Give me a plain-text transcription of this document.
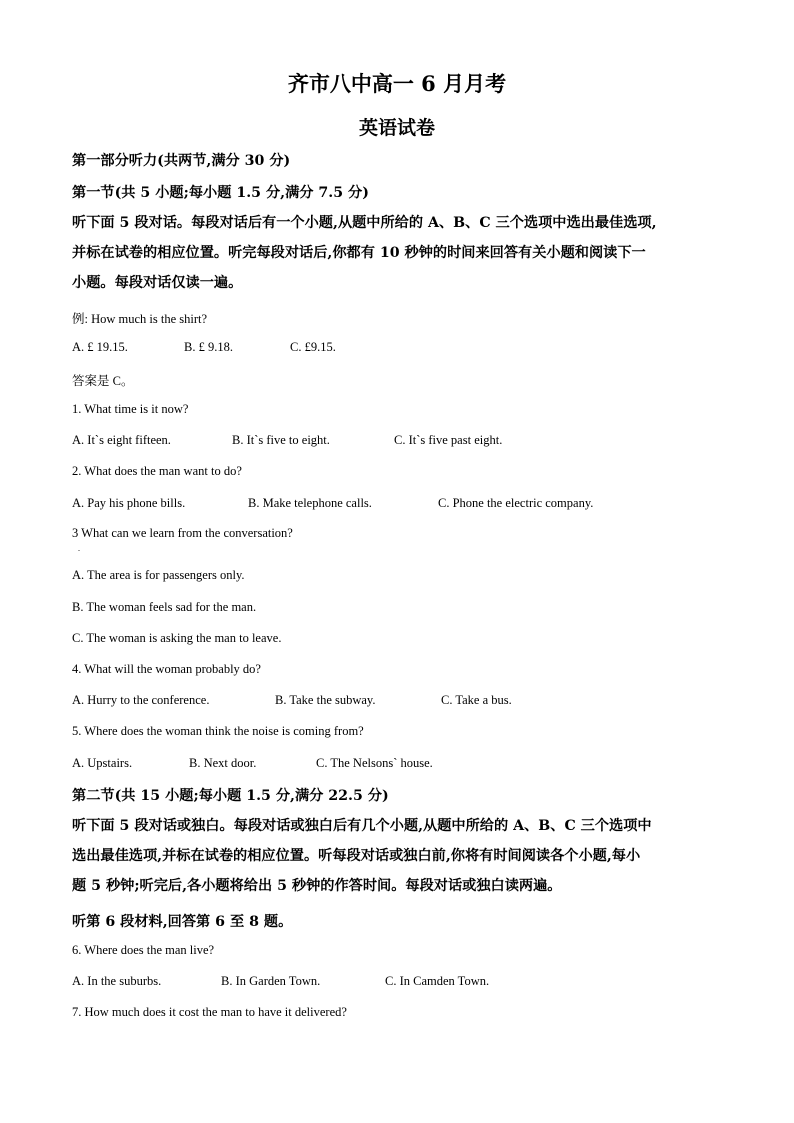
齐市八中高一 6 月月考
英语试卷
第一部分听力(共两节,满分 30 分)
第一节(共 5 小题;每小题 1.5 分,满分 7.5 分)
听下面 5 段对话。每段对话后有一个小题,从题中所给的 A、B、C 三个选项中选出最佳选项,
并标在试卷的相应位置。听完每段对话后,你都有 10 秒钟的时间来回答有关小题和阅读下一
小题。每段对话仅读一遍。
例: How much is the shirt?
A. £ 19.15.	B. £ 9.18.	C. £9.15.
答案是 C。
1. What time is it now?
A. It`s eight fifteen.	B. It`s five to eight.	C. It`s five past eight.
2. What does the man want to do?
A. Pay his phone bills.	B. Make telephone calls.	C. Phone the electric company.
3 What can we learn from the conversation?
.
A. The area is for passengers only.
B. The woman feels sad for the man.
C. The woman is asking the man to leave.
4. What will the woman probably do?
A. Hurry to the conference.	B. Take the subway.	C. Take a bus.
5. Where does the woman think the noise is coming from?
A. Upstairs.	B. Next door.	C. The Nelsons` house.
第二节(共 15 小题;每小题 1.5 分,满分 22.5 分)
听下面 5 段对话或独白。每段对话或独白后有几个小题,从题中所给的 A、B、C 三个选项中
选出最佳选项,并标在试卷的相应位置。听每段对话或独白前,你将有时间阅读各个小题,每小
题 5 秒钟;听完后,各小题将给出 5 秒钟的作答时间。每段对话或独白读两遍。
听第 6 段材料,回答第 6 至 8 题。
6. Where does the man live?
A. In the suburbs.	B. In Garden Town.	C. In Camden Town.
7. How much does it cost the man to have it delivered?
